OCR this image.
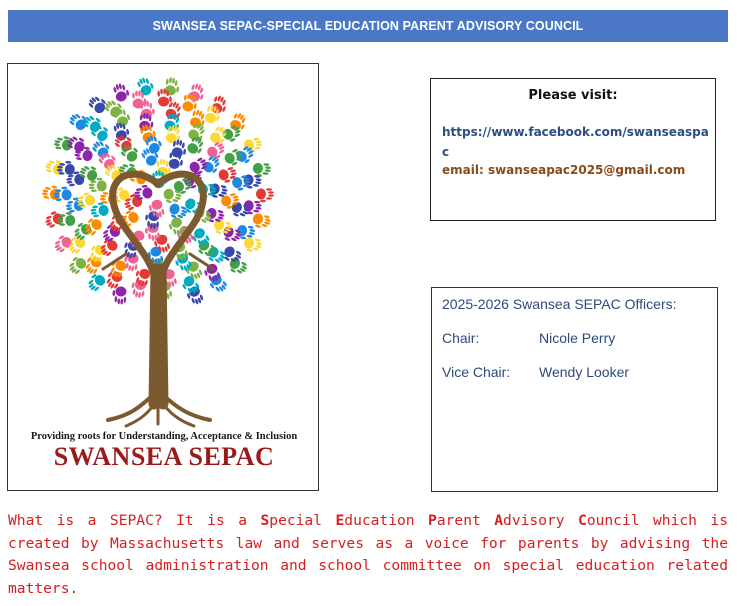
SWANSEA SEPAC-SPECIAL EDUCATION PARENT ADVISORY COUNCIL
Providing roots for Understanding, Acceptance & Inclusion
SWANSEA SEPAC
Please visit:
https://www.facebook.com/swanseaspac
email: swanseapac2025@gmail.com
2025-2026 Swansea SEPAC Officers:
Chair:	Nicole Perry
Vice Chair: Wendy Looker
What is a SEPAC? It is a Special Education Parent Advisory Council which is created by Massachusetts law and serves as a voice for parents by advising the Swansea school administration and school committee on special education related matters.
